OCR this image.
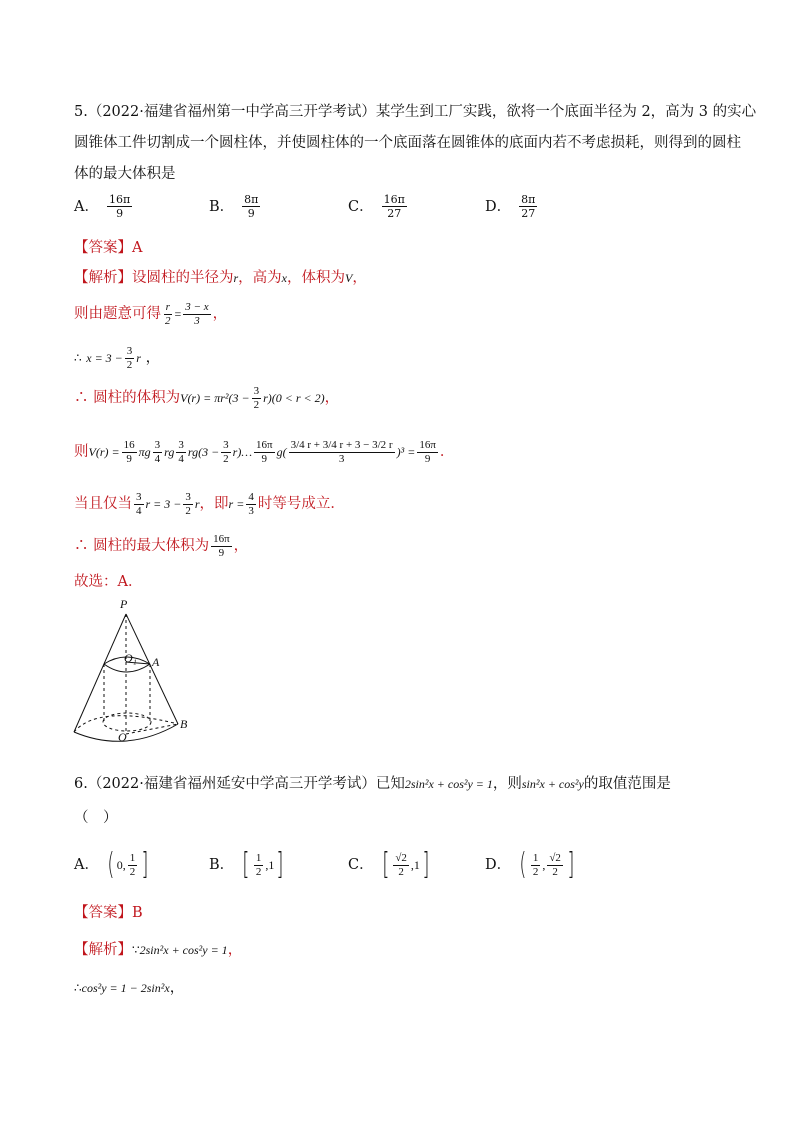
5.（2022·福建省福州第一中学高三开学考试）某学生到工厂实践，欲将一个底面半径为 2，高为 3 的实心
圆锥体工件切割成一个圆柱体，并使圆柱体的一个底面落在圆锥体的底面内若不考虑损耗，则得到的圆柱
体的最大体积是
A． $\frac{16\pi}{9}$	B． $\frac{8\pi}{9}$	C． $\frac{16\pi}{27}$	D． $\frac{8\pi}{27}$
【答案】A
【解析】设圆柱的半径为r，高为x，体积为V，
则由题意可得 $\frac{r}{2} = \frac{3 - x}{3}$ ，
∴ $x = 3 - \frac{3}{2}$ r ，
∴ 圆柱的体积为$V(r) = \pi r^2(3 - \frac{3}{2} r)(0 < r < 2)$，
则$V(r) = \frac{16}{9}$ πg $\frac{3}{4}$ rg $\frac{3}{4} rg(3 - \frac{3}{2}$ r)… $\frac{16\pi}{9} g( \frac{3/4 r + 3/4 r + 3 - 3/2 r}{3} )^3 = \frac{16\pi}{9}$ ．
当且仅当 $\frac{3}{4}$ $r = 3 - \frac{3}{2}$ r，即$r = \frac{4}{3}$ 时等号成立．
∴ 圆柱的最大体积为 $\frac{16\pi}{9}$ ，
故选：A．
P
O₁ A
O
B
6.（2022·福建省福州延安中学高三开学考试）已知2sin²x + cos²y = 1，则sin²x + cos²y的取值范围是
（　）
A． ( 0, $\frac{1}{2}$ ]	B． [ $\frac{1}{2} ,1$ ]	C． [ $\frac{√2}{2} ,1$ ]	D． ( $\frac{1}{2}$ , $\frac{√2}{2}$ ]
【答案】B
【解析】∵2sin²x + cos²y = 1，
∴cos²y = 1 − 2sin²x，
